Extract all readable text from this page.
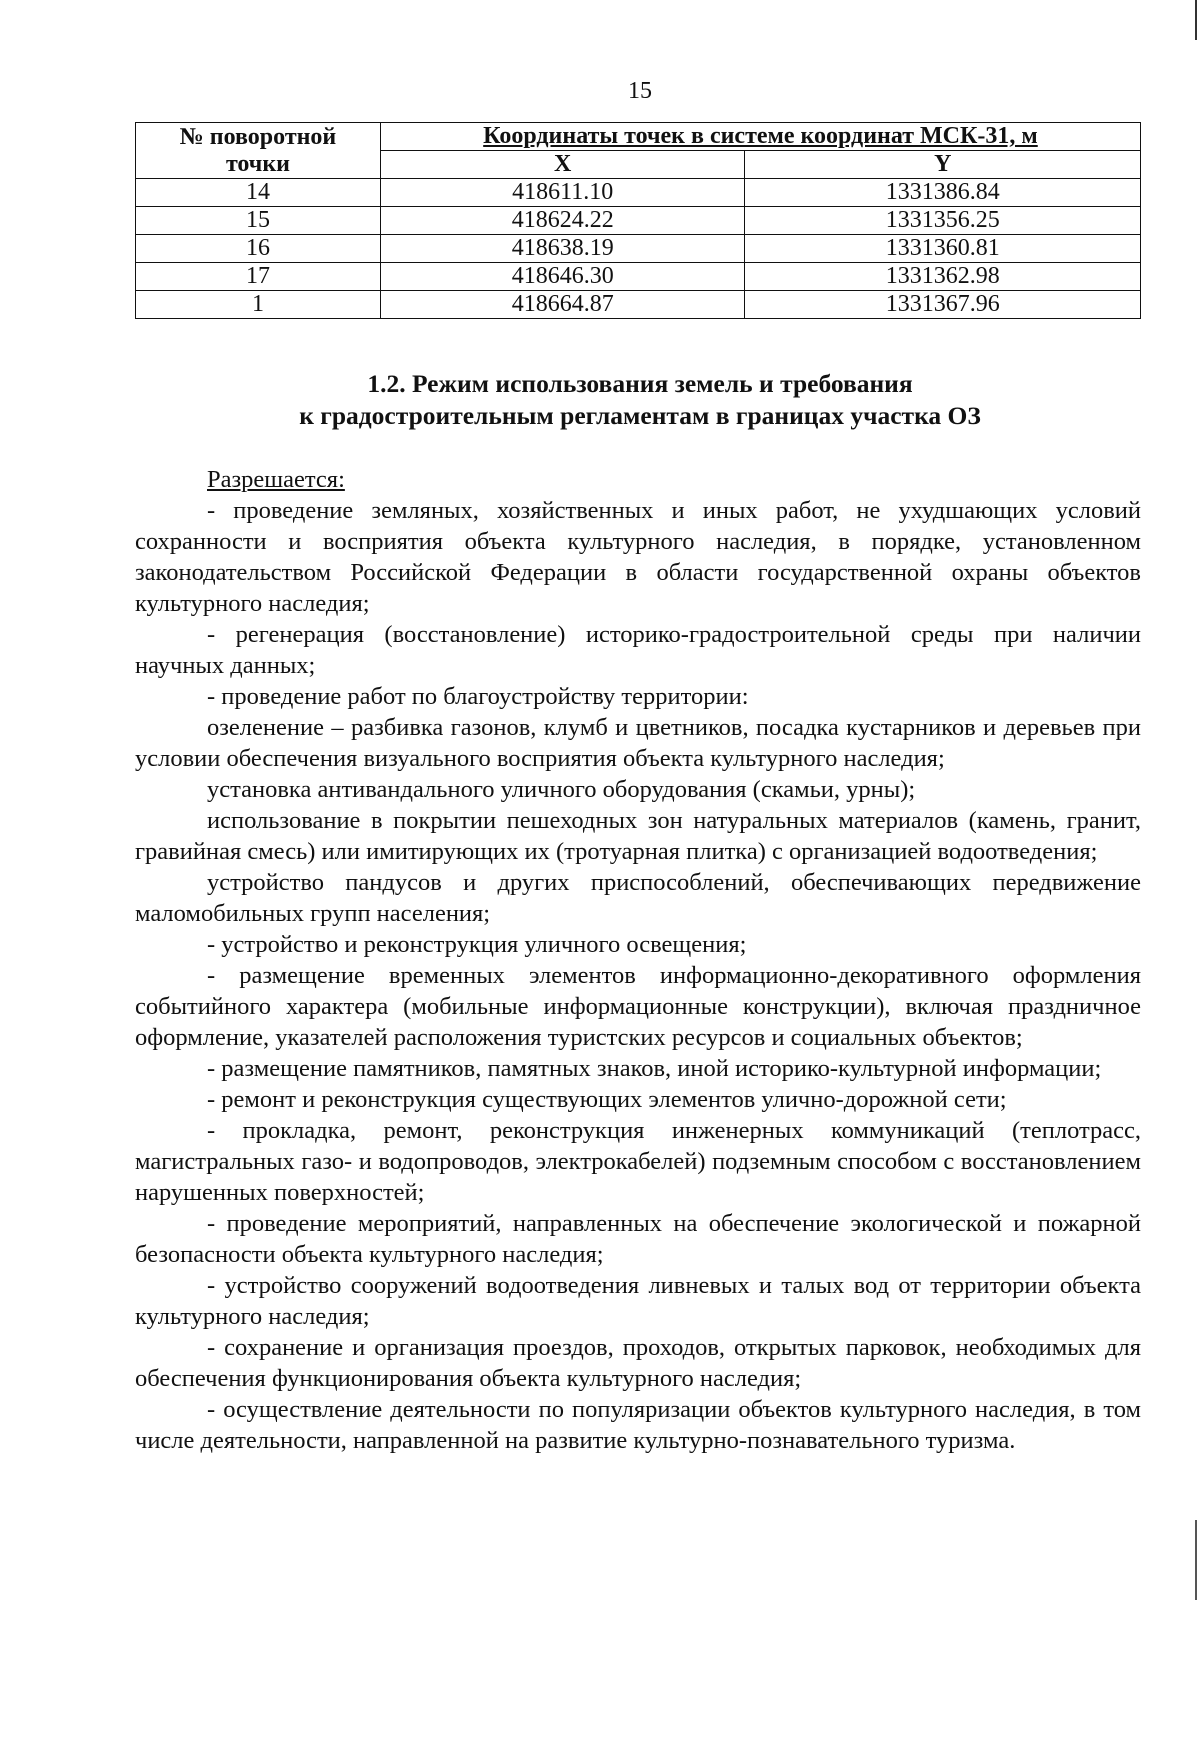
15
№ поворотной точки	Координаты точек в системе координат МСК-31, м	
	X	Y
14	418611.10	1331386.84
15	418624.22	1331356.25
16	418638.19	1331360.81
17	418646.30	1331362.98
1	418664.87	1331367.96
1.2. Режим использования земель и требования
к градостроительным регламентам в границах участка ОЗ

Разрешается:

- проведение земляных, хозяйственных и иных работ, не ухудшающих условий сохранности и восприятия объекта культурного наследия, в порядке, установленном законодательством Российской Федерации в области государственной охраны объектов культурного наследия;

- регенерация (восстановление) историко-градостроительной среды при наличии научных данных;

- проведение работ по благоустройству территории:

озеленение – разбивка газонов, клумб и цветников, посадка кустарников и деревьев при условии обеспечения визуального восприятия объекта культурного наследия;

установка антивандального уличного оборудования (скамьи, урны);

использование в покрытии пешеходных зон натуральных материалов (камень, гранит, гравийная смесь) или имитирующих их (тротуарная плитка) с организацией водоотведения;

устройство пандусов и других приспособлений, обеспечивающих передвижение маломобильных групп населения;

- устройство и реконструкция уличного освещения;

- размещение временных элементов информационно-декоративного оформления событийного характера (мобильные информационные конструкции), включая праздничное оформление, указателей расположения туристских ресурсов и социальных объектов;

- размещение памятников, памятных знаков, иной историко-культурной информации;

- ремонт и реконструкция существующих элементов улично-дорожной сети;

- прокладка, ремонт, реконструкция инженерных коммуникаций (теплотрасс, магистральных газо- и водопроводов, электрокабелей) подземным способом с восстановлением нарушенных поверхностей;

- проведение мероприятий, направленных на обеспечение экологической и пожарной безопасности объекта культурного наследия;

- устройство сооружений водоотведения ливневых и талых вод от территории объекта культурного наследия;

- сохранение и организация проездов, проходов, открытых парковок, необходимых для обеспечения функционирования объекта культурного наследия;

- осуществление деятельности по популяризации объектов культурного наследия, в том числе деятельности, направленной на развитие культурно-познавательного туризма.
